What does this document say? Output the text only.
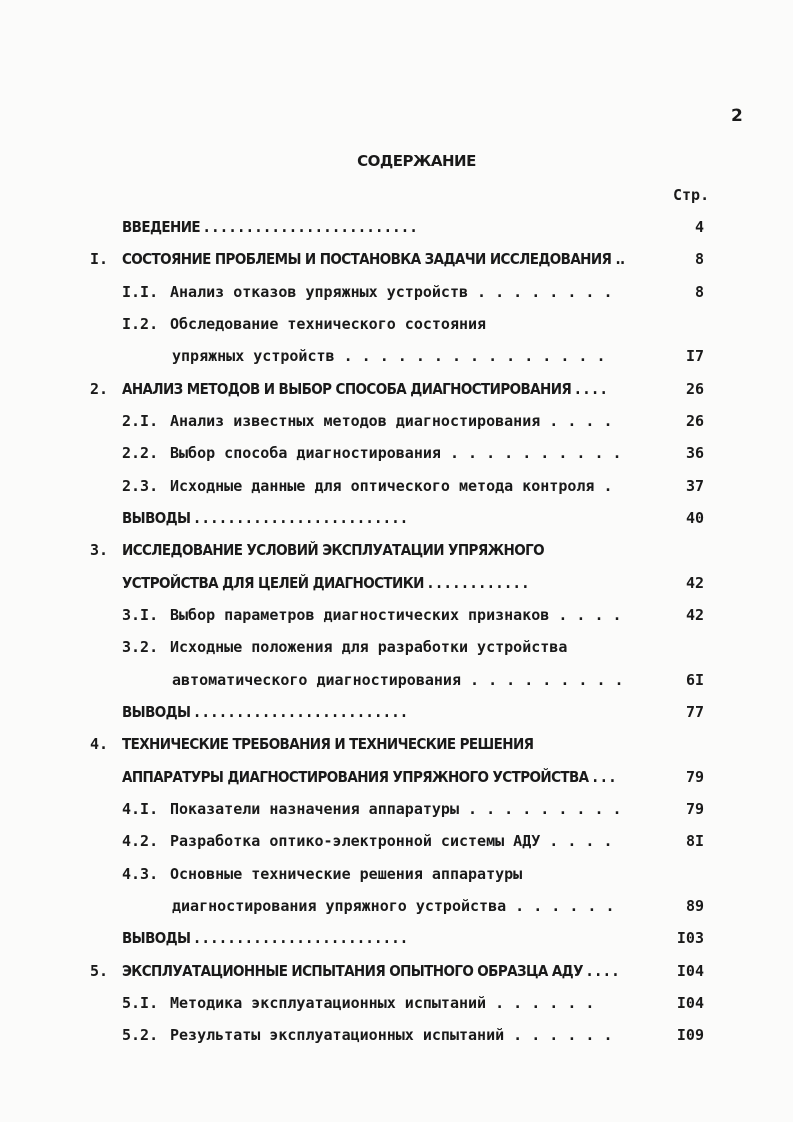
2
СОДЕРЖАНИЕ
Стр.
ВВЕДЕНИЕ . . . . . . . . . . . . . . . . . . . . . . . . .	4
I. СОСТОЯНИЕ ПРОБЛЕМЫ И ПОСТАНОВКА ЗАДАЧИ ИССЛЕДОВАНИЯ ..	8
I.I. Анализ отказов упряжных устройств . . . . . . . .	8
I.2. Обследование технического состояния
упряжных устройств . . . . . . . . . . . . . . .	I7
2. АНАЛИЗ МЕТОДОВ И ВЫБОР СПОСОБА ДИАГНОСТИРОВАНИЯ . . . .	26
2.I. Анализ известных методов диагностирования . . . .	26
2.2. Выбор способа диагностирования . . . . . . . . . .	36
2.3. Исходные данные для оптического метода контроля .	37
ВЫВОДЫ . . . . . . . . . . . . . . . . . . . . . . . . .	40
3. ИССЛЕДОВАНИЕ УСЛОВИЙ ЭКСПЛУАТАЦИИ УПРЯЖНОГО
УСТРОЙСТВА ДЛЯ ЦЕЛЕЙ ДИАГНОСТИКИ . . . . . . . . . . . .	42
3.I. Выбор параметров диагностических признаков . . . .	42
3.2. Исходные положения для разработки устройства
автоматического диагностирования . . . . . . . . .	6I
ВЫВОДЫ . . . . . . . . . . . . . . . . . . . . . . . . .	77
4. ТЕХНИЧЕСКИЕ ТРЕБОВАНИЯ И ТЕХНИЧЕСКИЕ РЕШЕНИЯ
АППАРАТУРЫ ДИАГНОСТИРОВАНИЯ УПРЯЖНОГО УСТРОЙСТВА . . .	79
4.I. Показатели назначения аппаратуры . . . . . . . . .	79
4.2. Разработка оптико-электронной системы АДУ . . . .	8I
4.3. Основные технические решения аппаратуры
диагностирования упряжного устройства . . . . . .	89
ВЫВОДЫ . . . . . . . . . . . . . . . . . . . . . . . . .	I03
5. ЭКСПЛУАТАЦИОННЫЕ ИСПЫТАНИЯ ОПЫТНОГО ОБРАЗЦА АДУ . . . .	I04
5.I. Методика эксплуатационных испытаний . . . . . .	I04
5.2. Результаты эксплуатационных испытаний . . . . . .	I09
